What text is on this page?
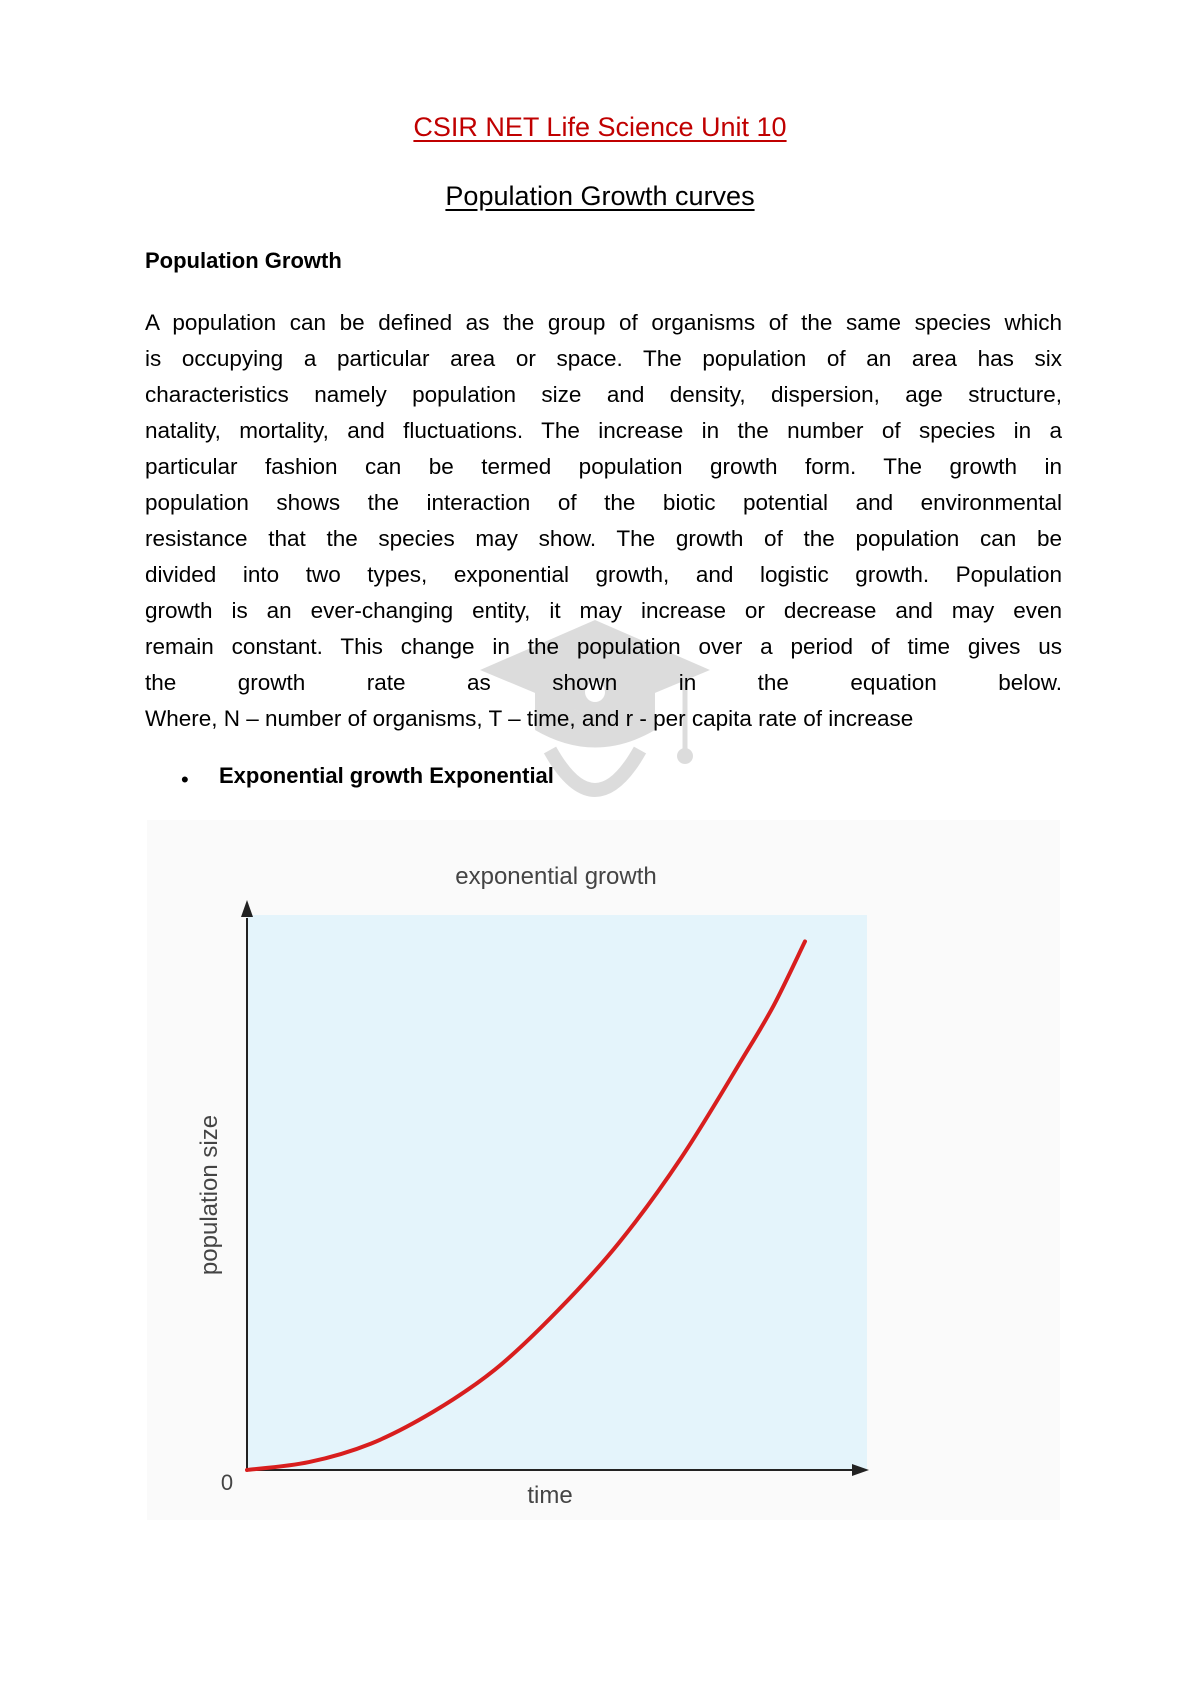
CSIR NET Life Science Unit 10
Population Growth curves
Population Growth
A population can be defined as the group of organisms of the same species which
is occupying a particular area or space. The population of an area has six
characteristics namely population size and density, dispersion, age structure,
natality, mortality, and fluctuations. The increase in the number of species in a
particular fashion can be termed population growth form. The growth in
population shows the interaction of the biotic potential and environmental
resistance that the species may show. The growth of the population can be
divided into two types, exponential growth, and logistic growth. Population
growth is an ever-changing entity, it may increase or decrease and may even
remain constant. This change in the population over a period of time gives us
the growth rate as shown in the equation below.
Where, N – number of organisms, T – time, and r - per capita rate of increase
• Exponential growth Exponential
exponential growth
time
0
population size
